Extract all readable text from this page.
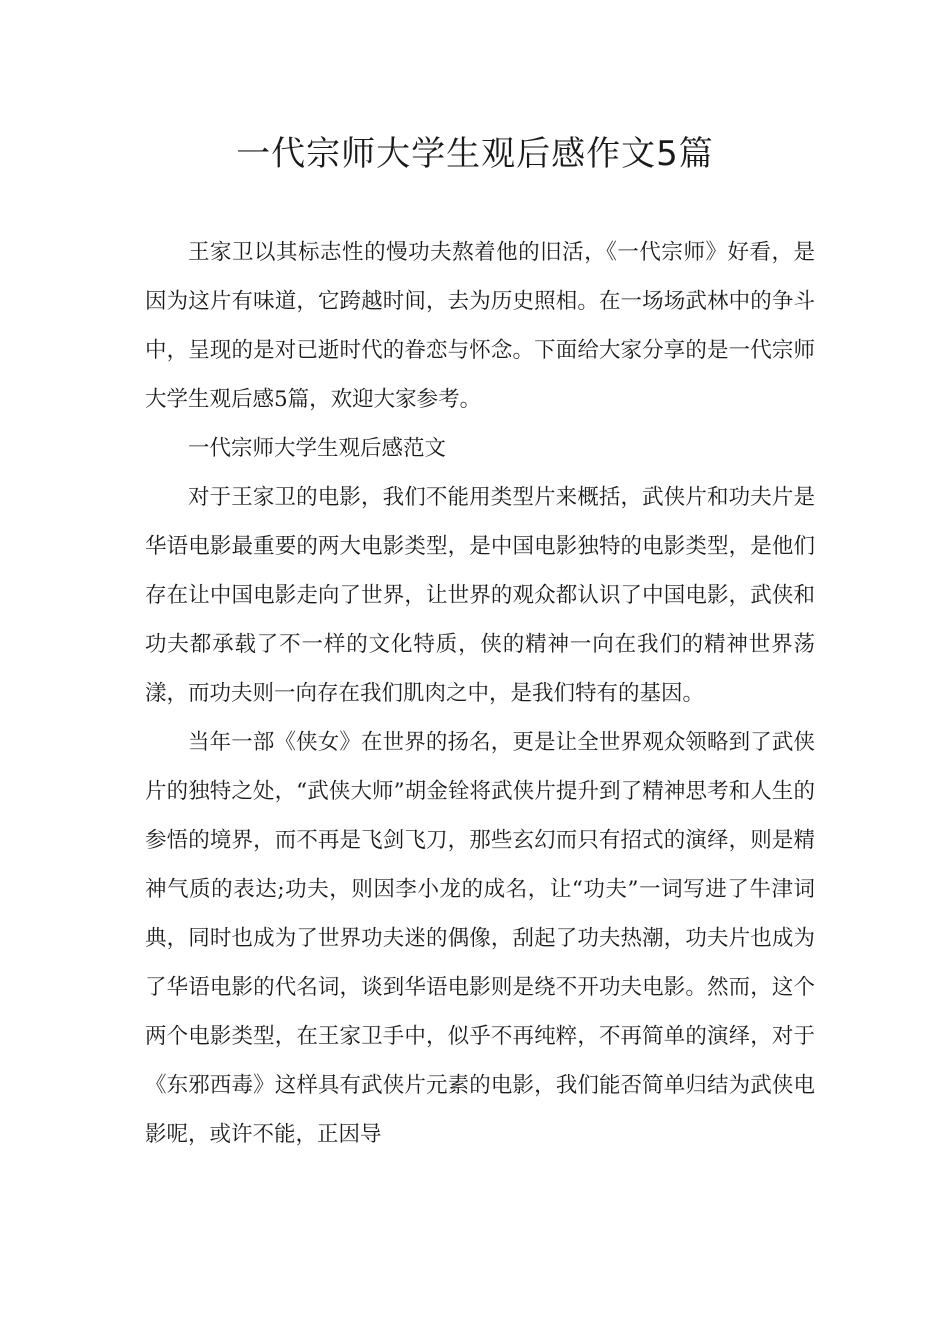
一代宗师大学生观后感作文5篇

王家卫以其标志性的慢功夫熬着他的旧活，《一代宗师》好看，是因为这片有味道，它跨越时间，去为历史照相。在一场场武林中的争斗中，呈现的是对已逝时代的眷恋与怀念。下面给大家分享的是一代宗师大学生观后感5篇，欢迎大家参考。

一代宗师大学生观后感范文

对于王家卫的电影，我们不能用类型片来概括，武侠片和功夫片是华语电影最重要的两大电影类型，是中国电影独特的电影类型，是他们存在让中国电影走向了世界，让世界的观众都认识了中国电影，武侠和功夫都承载了不一样的文化特质，侠的精神一向在我们的精神世界荡漾，而功夫则一向存在我们肌肉之中，是我们特有的基因。

当年一部《侠女》在世界的扬名，更是让全世界观众领略到了武侠片的独特之处，“武侠大师”胡金铨将武侠片提升到了精神思考和人生的参悟的境界，而不再是飞剑飞刀，那些玄幻而只有招式的演绎，则是精神气质的表达;功夫，则因李小龙的成名，让“功夫”一词写进了牛津词典，同时也成为了世界功夫迷的偶像，刮起了功夫热潮，功夫片也成为了华语电影的代名词，谈到华语电影则是绕不开功夫电影。然而，这个两个电影类型，在王家卫手中，似乎不再纯粹，不再简单的演绎，对于《东邪西毒》这样具有武侠片元素的电影，我们能否简单归结为武侠电影呢，或许不能，正因导
